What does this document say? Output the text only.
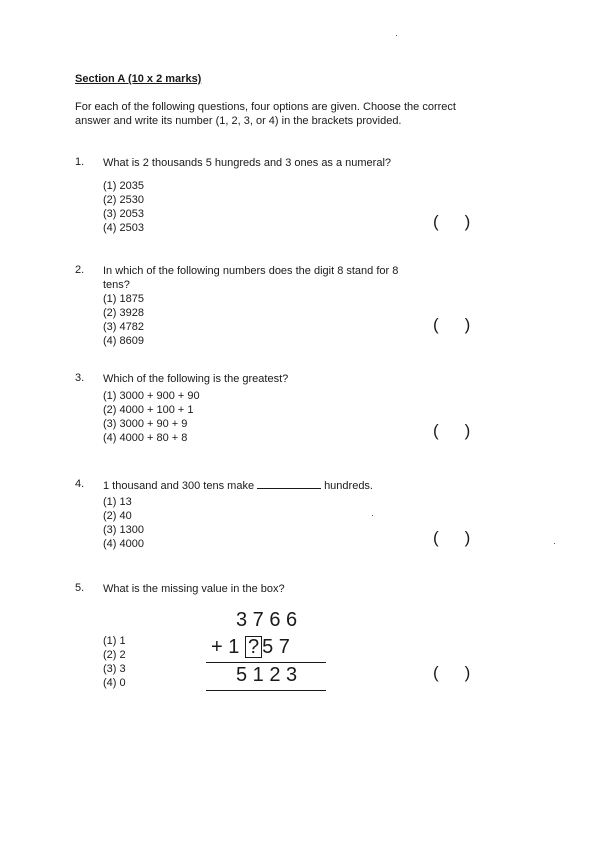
Section A (10 x 2 marks)
For each of the following questions, four options are given. Choose the correct answer and write its number (1, 2, 3, or 4) in the brackets provided.
1. What is 2 thousands 5 hungreds and 3 ones as a numeral?
(1) 2035
(2) 2530
(3) 2053
(4) 2503	( )
2. In which of the following numbers does the digit 8 stand for 8 tens?
(1) 1875
(2) 3928
(3) 4782
(4) 8609
( )
3. Which of the following is the greatest?
(1) 3000 + 900 + 90
(2) 4000 + 100 + 1
(3) 3000 + 90 + 9
(4) 4000 + 80 + 8	( )
4. 1 thousand and 300 tens make	hundreds.
(1) 13
(2) 40
(3) 1300
(4) 4000	( )
5. What is the missing value in the box?
(1) 1
(2) 2
(3) 3
(4) 0
3 7 6 6
+ 1 ? 5 7
5 1 2 3	( )
